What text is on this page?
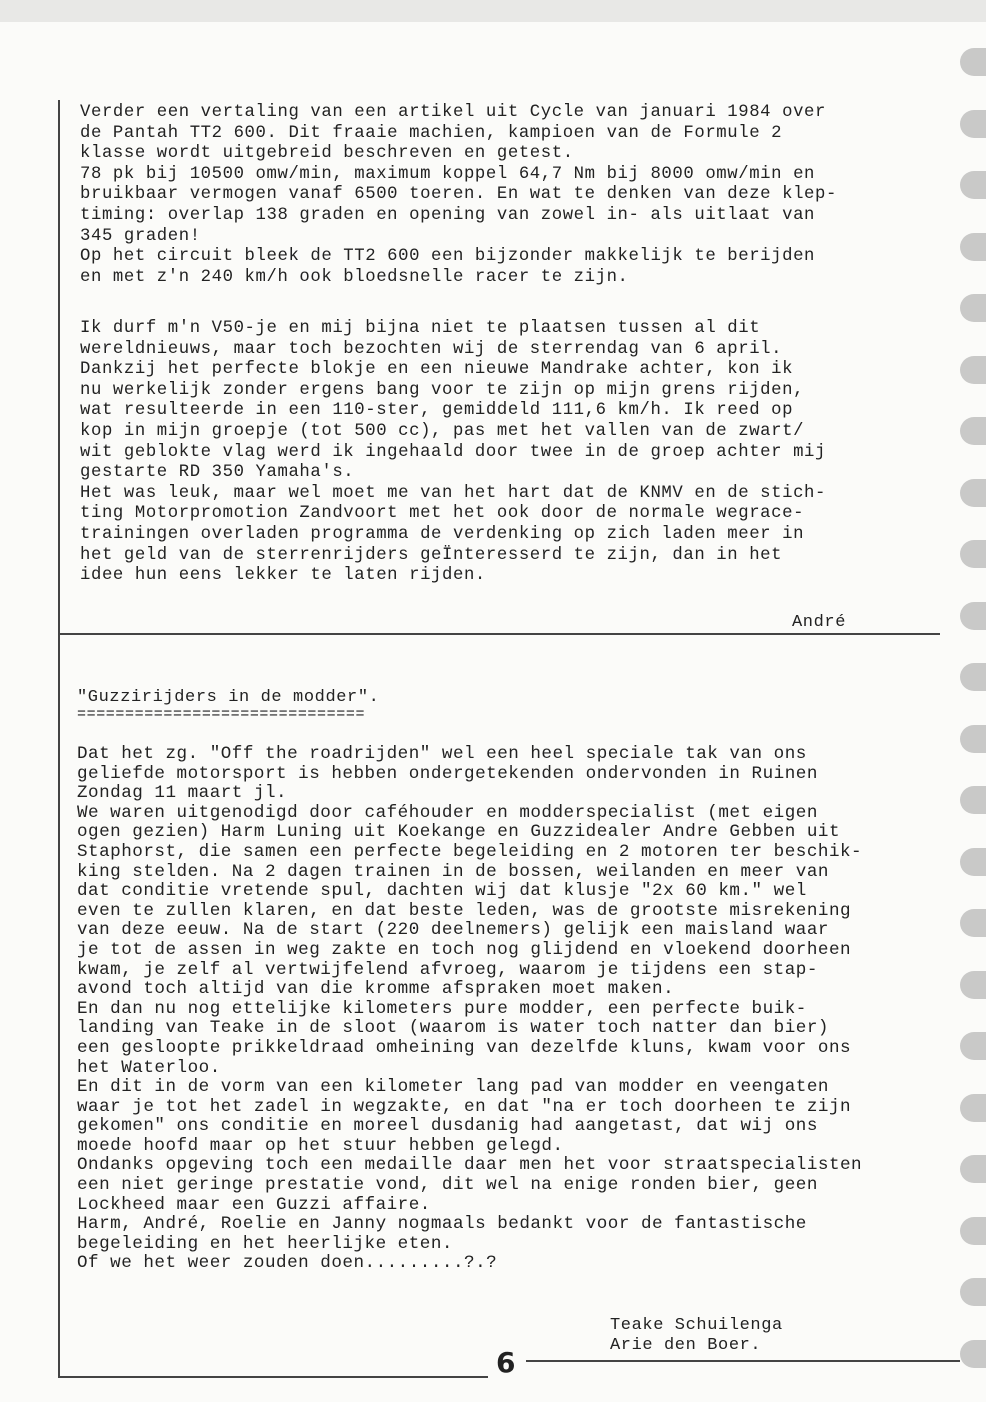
Verder een vertaling van een artikel uit Cycle van januari 1984 over
de Pantah TT2 600. Dit fraaie machien, kampioen van de Formule 2
klasse wordt uitgebreid beschreven en getest.
78 pk bij 10500 omw/min, maximum koppel 64,7 Nm bij 8000 omw/min en
bruikbaar vermogen vanaf 6500 toeren. En wat te denken van deze klep-
timing: overlap 138 graden en opening van zowel in- als uitlaat van
345 graden!
Op het circuit bleek de TT2 600 een bijzonder makkelijk te berijden
en met z'n 240 km/h ook bloedsnelle racer te zijn.
Ik durf m'n V50-je en mij bijna niet te plaatsen tussen al dit
wereldnieuws, maar toch bezochten wij de sterrendag van 6 april.
Dankzij het perfecte blokje en een nieuwe Mandrake achter, kon ik
nu werkelijk zonder ergens bang voor te zijn op mijn grens rijden,
wat resulteerde in een 110-ster, gemiddeld 111,6 km/h. Ik reed op
kop in mijn groepje (tot 500 cc), pas met het vallen van de zwart/
wit geblokte vlag werd ik ingehaald door twee in de groep achter mij
gestarte RD 350 Yamaha's.
Het was leuk, maar wel moet me van het hart dat de KNMV en de stich-
ting Motorpromotion Zandvoort met het ook door de normale wegrace-
trainingen overladen programma de verdenking op zich laden meer in
het geld van de sterrenrijders geÏnteresserd te zijn, dan in het
idee hun eens lekker te laten rijden.
André
"Guzzirijders in de modder".
==============================
Dat het zg. "Off the roadrijden" wel een heel speciale tak van ons
geliefde motorsport is hebben ondergetekenden ondervonden in Ruinen
Zondag 11 maart jl.
We waren uitgenodigd door caféhouder en modderspecialist (met eigen
ogen gezien) Harm Luning uit Koekange en Guzzidealer Andre Gebben uit
Staphorst, die samen een perfecte begeleiding en 2 motoren ter beschik-
king stelden. Na 2 dagen trainen in de bossen, weilanden en meer van
dat conditie vretende spul, dachten wij dat klusje "2x 60 km." wel
even te zullen klaren, en dat beste leden, was de grootste misrekening
van deze eeuw. Na de start (220 deelnemers) gelijk een maisland waar
je tot de assen in weg zakte en toch nog glijdend en vloekend doorheen
kwam, je zelf al vertwijfelend afvroeg, waarom je tijdens een stap-
avond toch altijd van die kromme afspraken moet maken.
En dan nu nog ettelijke kilometers pure modder, een perfecte buik-
landing van Teake in de sloot (waarom is water toch natter dan bier)
een gesloopte prikkeldraad omheining van dezelfde kluns, kwam voor ons
het Waterloo.
En dit in de vorm van een kilometer lang pad van modder en veengaten
waar je tot het zadel in wegzakte, en dat "na er toch doorheen te zijn
gekomen" ons conditie en moreel dusdanig had aangetast, dat wij ons
moede hoofd maar op het stuur hebben gelegd.
Ondanks opgeving toch een medaille daar men het voor straatspecialisten
een niet geringe prestatie vond, dit wel na enige ronden bier, geen
Lockheed maar een Guzzi affaire.
Harm, André, Roelie en Janny nogmaals bedankt voor de fantastische
begeleiding en het heerlijke eten.
Of we het weer zouden doen.........?.?
Teake Schuilenga
Arie den Boer.
6
